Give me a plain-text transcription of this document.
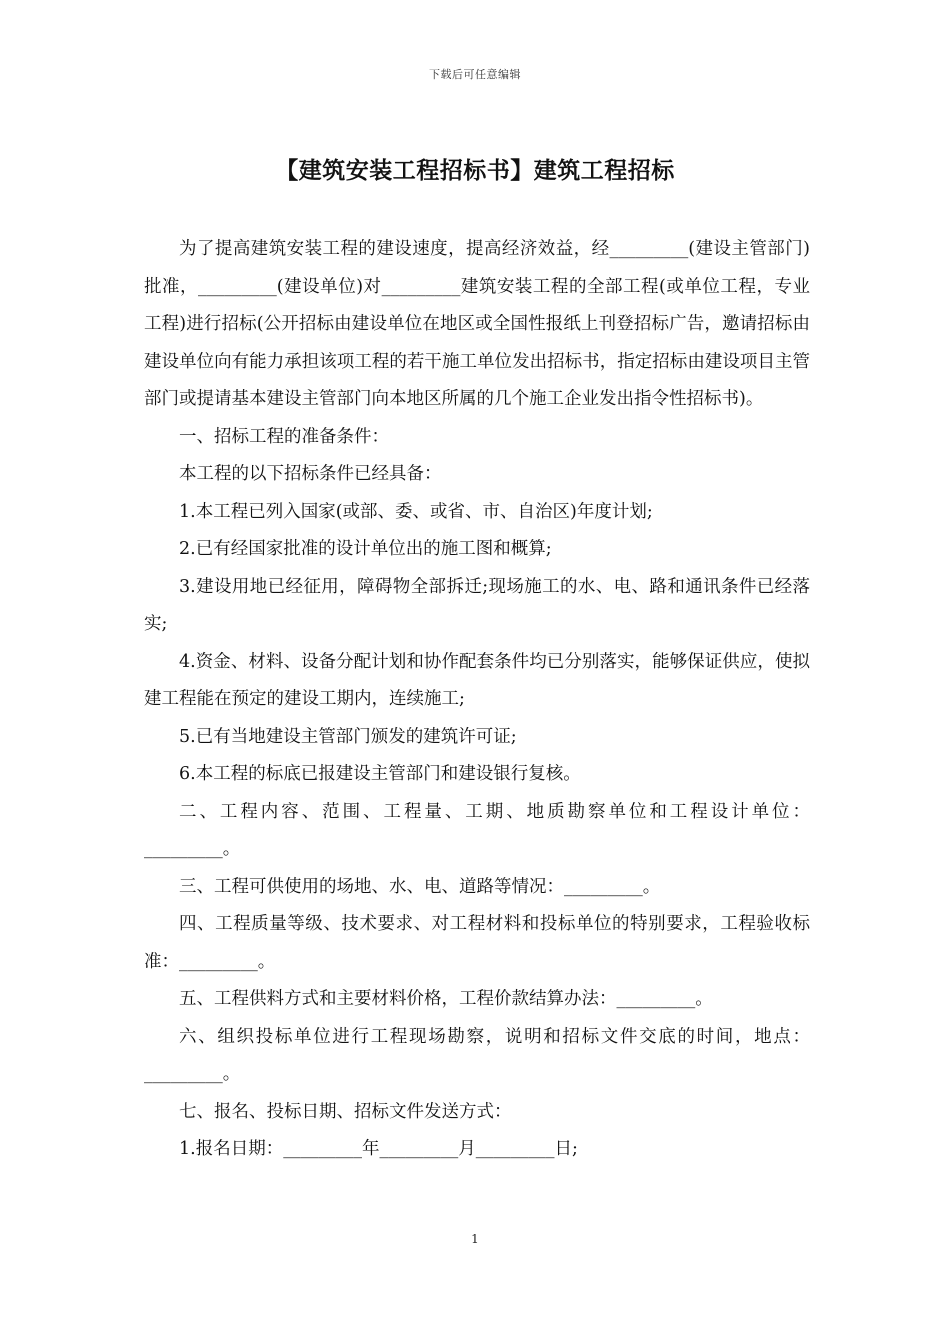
下载后可任意编辑
【建筑安装工程招标书】建筑工程招标

为了提高建筑安装工程的建设速度，提高经济效益，经_________(建设主管部门)批准，_________(建设单位)对_________建筑安装工程的全部工程(或单位工程，专业工程)进行招标(公开招标由建设单位在地区或全国性报纸上刊登招标广告，邀请招标由建设单位向有能力承担该项工程的若干施工单位发出招标书，指定招标由建设项目主管部门或提请基本建设主管部门向本地区所属的几个施工企业发出指令性招标书)。

一、招标工程的准备条件：

本工程的以下招标条件已经具备：

1.本工程已列入国家(或部、委、或省、市、自治区)年度计划;

2.已有经国家批准的设计单位出的施工图和概算;

3.建设用地已经征用，障碍物全部拆迁;现场施工的水、电、路和通讯条件已经落实;

4.资金、材料、设备分配计划和协作配套条件均已分别落实，能够保证供应，使拟建工程能在预定的建设工期内，连续施工;

5.已有当地建设主管部门颁发的建筑许可证;

6.本工程的标底已报建设主管部门和建设银行复核。

二、工程内容、范围、工程量、工期、地质勘察单位和工程设计单位：_________。

三、工程可供使用的场地、水、电、道路等情况：_________。

四、工程质量等级、技术要求、对工程材料和投标单位的特别要求，工程验收标准：_________。

五、工程供料方式和主要材料价格，工程价款结算办法：_________。

六、组织投标单位进行工程现场勘察，说明和招标文件交底的时间，地点：_________。

七、报名、投标日期、招标文件发送方式：

1.报名日期：_________年_________月_________日;

1
